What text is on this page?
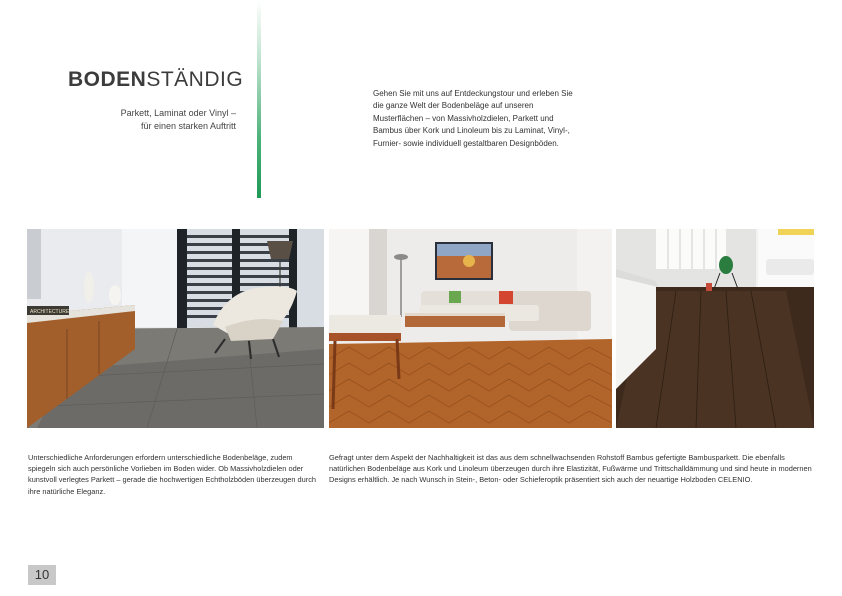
BODENSTÄNDIG
Parkett, Laminat oder Vinyl –
für einen starken Auftritt
Gehen Sie mit uns auf Entdeckungstour und erleben Sie die ganze Welt der Bodenbeläge auf unseren Musterflächen – von Massivholzdielen, Parkett und Bambus über Kork und Linoleum bis zu Laminat, Vinyl-, Furnier- sowie individuell gestaltbaren Designböden.
ARCHITECTURE
Unterschiedliche Anforderungen erfordern unterschiedliche Bodenbeläge, zudem spiegeln sich auch persönliche Vorlieben im Boden wider. Ob Massivholzdielen oder kunstvoll verlegtes Parkett – gerade die hochwertigen Echtholzböden überzeugen durch ihre natürliche Eleganz.
Gefragt unter dem Aspekt der Nachhaltigkeit ist das aus dem schnellwachsenden Rohstoff Bambus gefertigte Bambusparkett. Die ebenfalls natürlichen Bodenbeläge aus Kork und Linoleum überzeugen durch ihre Elastizität, Fußwärme und Trittschalldämmung und sind heute in modernen Designs erhältlich. Je nach Wunsch in Stein-, Beton- oder Schieferoptik präsentiert sich auch der neuartige Holzboden CELENIO.
10
